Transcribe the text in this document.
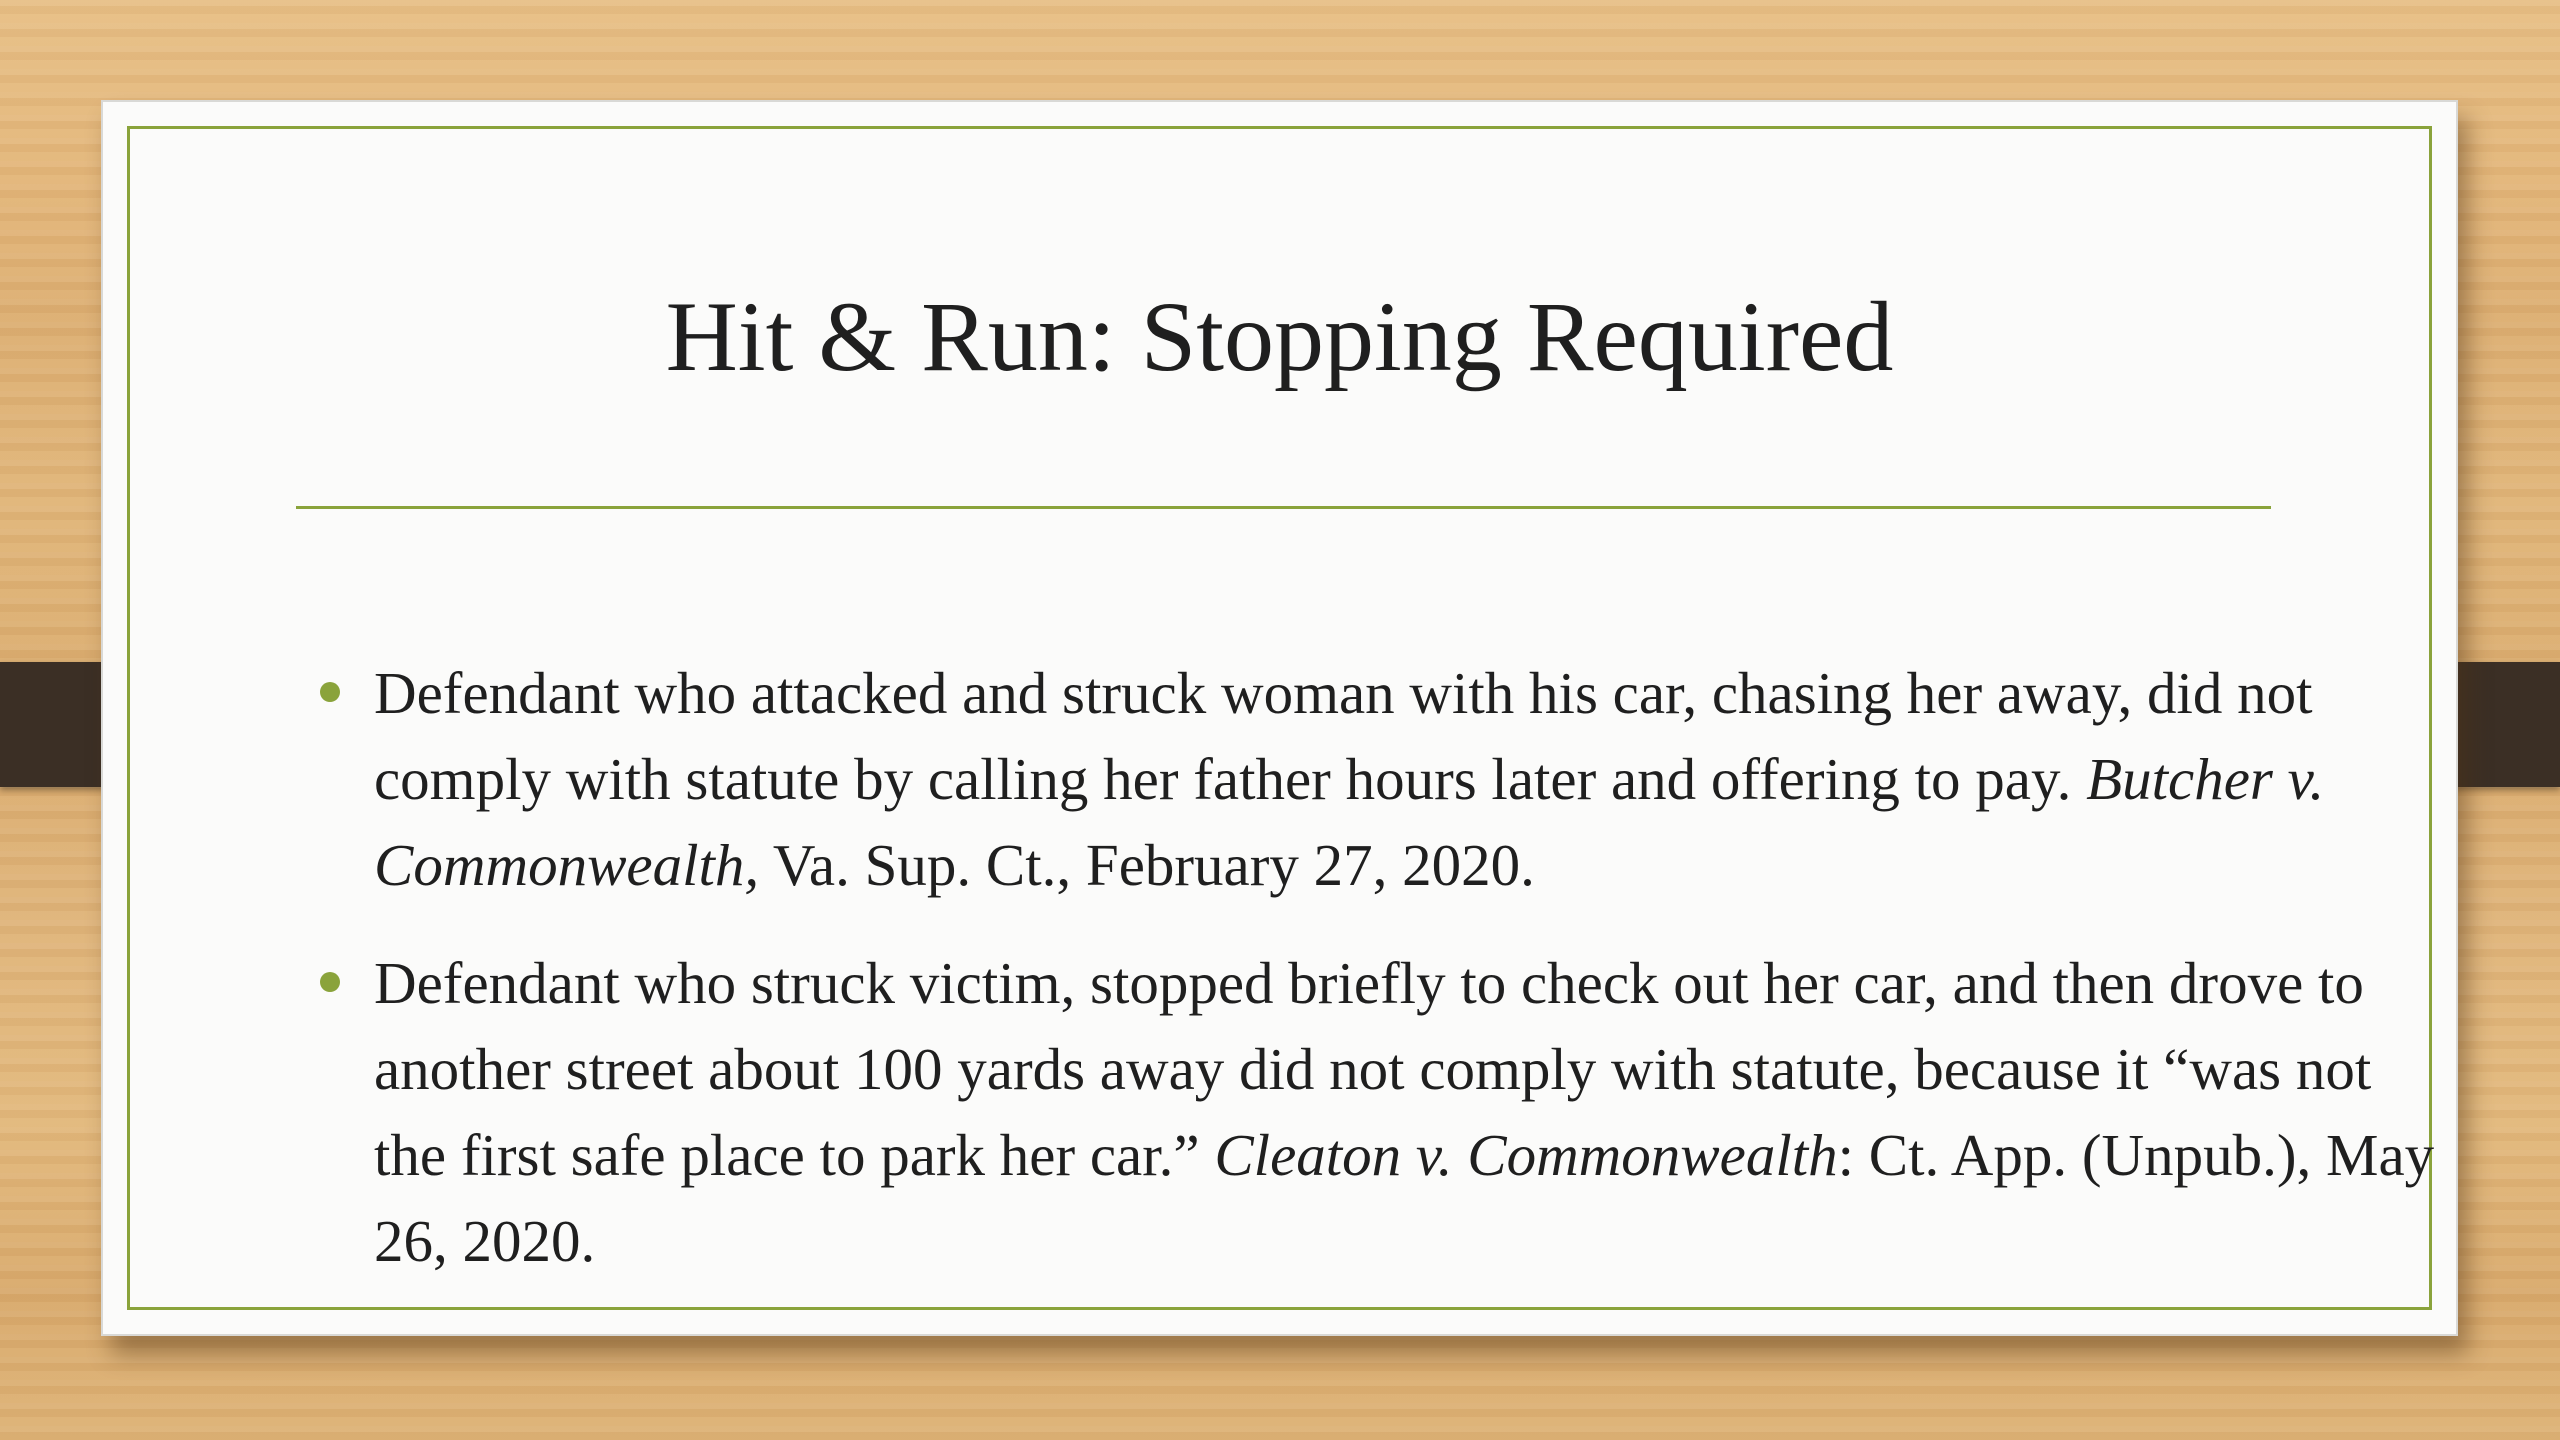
Hit & Run: Stopping Required
Defendant who attacked and struck woman with his car, chasing her away, did not comply with statute by calling her father hours later and offering to pay. Butcher v. Commonwealth, Va. Sup. Ct., February 27, 2020.
Defendant who struck victim, stopped briefly to check out her car, and then drove to another street about 100 yards away did not comply with statute, because it “was not the first safe place to park her car.” Cleaton v. Commonwealth: Ct. App. (Unpub.), May 26, 2020.
